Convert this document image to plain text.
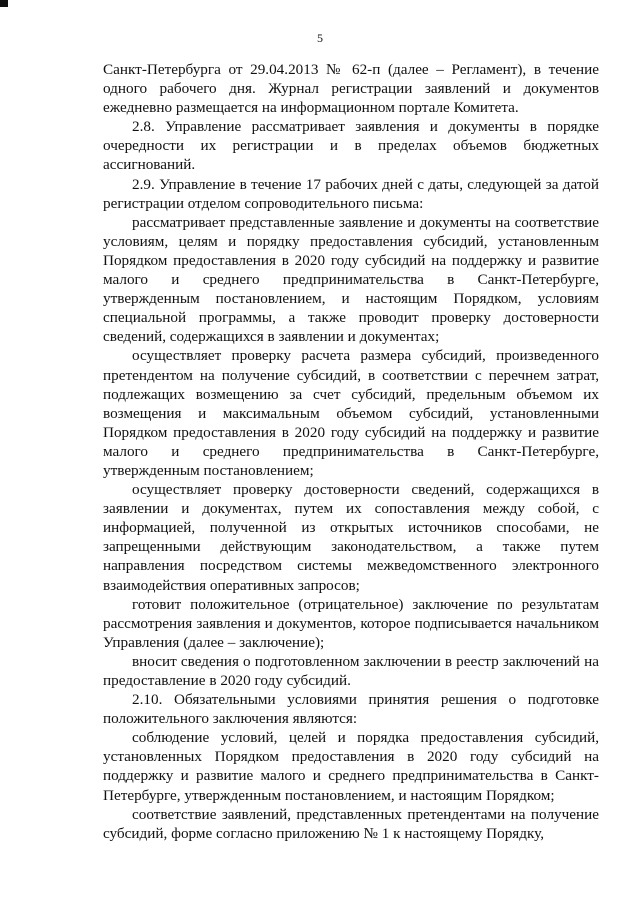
5

Санкт-Петербурга от 29.04.2013 № 62-п (далее – Регламент), в течение одного рабочего дня. Журнал регистрации заявлений и документов ежедневно размещается на информационном портале Комитета.

2.8. Управление рассматривает заявления и документы в порядке очередности их регистрации и в пределах объемов бюджетных ассигнований.

2.9. Управление в течение 17 рабочих дней с даты, следующей за датой регистрации отделом сопроводительного письма:

рассматривает представленные заявление и документы на соответствие условиям, целям и порядку предоставления субсидий, установленным Порядком предоставления в 2020 году субсидий на поддержку и развитие малого и среднего предпринимательства в Санкт-Петербурге, утвержденным постановлением, и настоящим Порядком, условиям специальной программы, а также проводит проверку достоверности сведений, содержащихся в заявлении и документах;

осуществляет проверку расчета размера субсидий, произведенного претендентом на получение субсидий, в соответствии с перечнем затрат, подлежащих возмещению за счет субсидий, предельным объемом их возмещения и максимальным объемом субсидий, установленными Порядком предоставления в 2020 году субсидий на поддержку и развитие малого и среднего предпринимательства в Санкт-Петербурге, утвержденным постановлением;

осуществляет проверку достоверности сведений, содержащихся в заявлении и документах, путем их сопоставления между собой, с информацией, полученной из открытых источников способами, не запрещенными действующим законодательством, а также путем направления посредством системы межведомственного электронного взаимодействия оперативных запросов;

готовит положительное (отрицательное) заключение по результатам рассмотрения заявления и документов, которое подписывается начальником Управления (далее – заключение);

вносит сведения о подготовленном заключении в реестр заключений на предоставление в 2020 году субсидий.

2.10. Обязательными условиями принятия решения о подготовке положительного заключения являются:

соблюдение условий, целей и порядка предоставления субсидий, установленных Порядком предоставления в 2020 году субсидий на поддержку и развитие малого и среднего предпринимательства в Санкт-Петербурге, утвержденным постановлением, и настоящим Порядком;

соответствие заявлений, представленных претендентами на получение субсидий, форме согласно приложению № 1 к настоящему Порядку,
